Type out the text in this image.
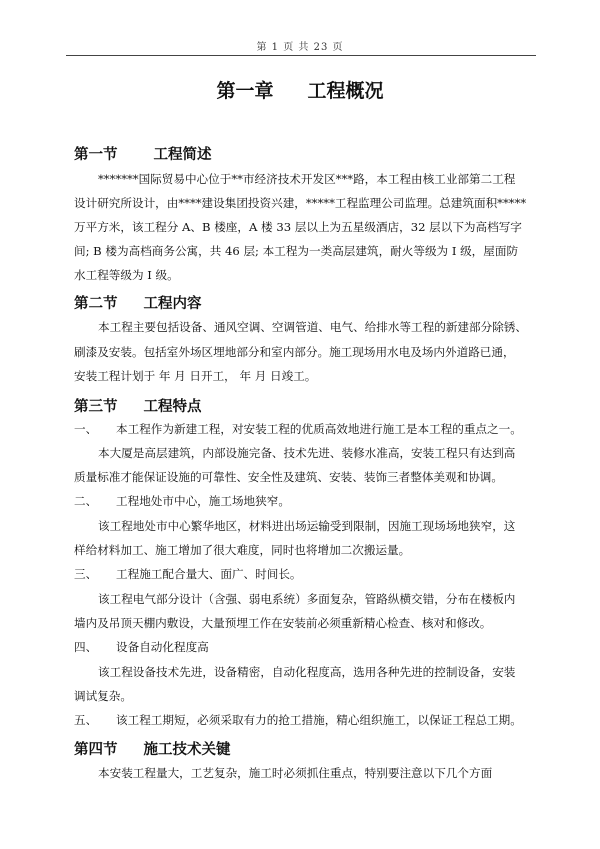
第 1 页 共 23 页
第一章 工程概况
第一节 工程简述
*******国际贸易中心位于**市经济技术开发区***路，本工程由核工业部第二工程
设计研究所设计，由****建设集团投资兴建，*****工程监理公司监理。总建筑面积*****
万平方米，该工程分 A、B 楼座，A 楼 33 层以上为五星级酒店，32 层以下为高档写字
间; B 楼为高档商务公寓，共 46 层; 本工程为一类高层建筑，耐火等级为 I 级，屋面防
水工程等级为 I 级。
第二节 工程内容
本工程主要包括设备、通风空调、空调管道、电气、给排水等工程的新建部分除锈、
刷漆及安装。包括室外场区埋地部分和室内部分。施工现场用水电及场内外道路已通，
安装工程计划于 年 月 日开工， 年 月 日竣工。
第三节 工程特点
一、 本工程作为新建工程，对安装工程的优质高效地进行施工是本工程的重点之一。
本大厦是高层建筑，内部设施完备、技术先进、装修水准高，安装工程只有达到高
质量标准才能保证设施的可靠性、安全性及建筑、安装、装饰三者整体美观和协调。
二、 工程地处市中心，施工场地狭窄。
该工程地处市中心繁华地区，材料进出场运输受到限制，因施工现场场地狭窄，这
样给材料加工、施工增加了很大难度，同时也将增加二次搬运量。
三、 工程施工配合量大、面广、时间长。
该工程电气部分设计（含强、弱电系统）多面复杂，管路纵横交错，分布在楼板内
墙内及吊顶天棚内敷设，大量预埋工作在安装前必须重新精心检查、核对和修改。
四、 设备自动化程度高
该工程设备技术先进，设备精密，自动化程度高，选用各种先进的控制设备，安装
调试复杂。
五、 该工程工期短，必须采取有力的抢工措施，精心组织施工，以保证工程总工期。
第四节 施工技术关键
本安装工程量大，工艺复杂，施工时必须抓住重点，特别要注意以下几个方面
